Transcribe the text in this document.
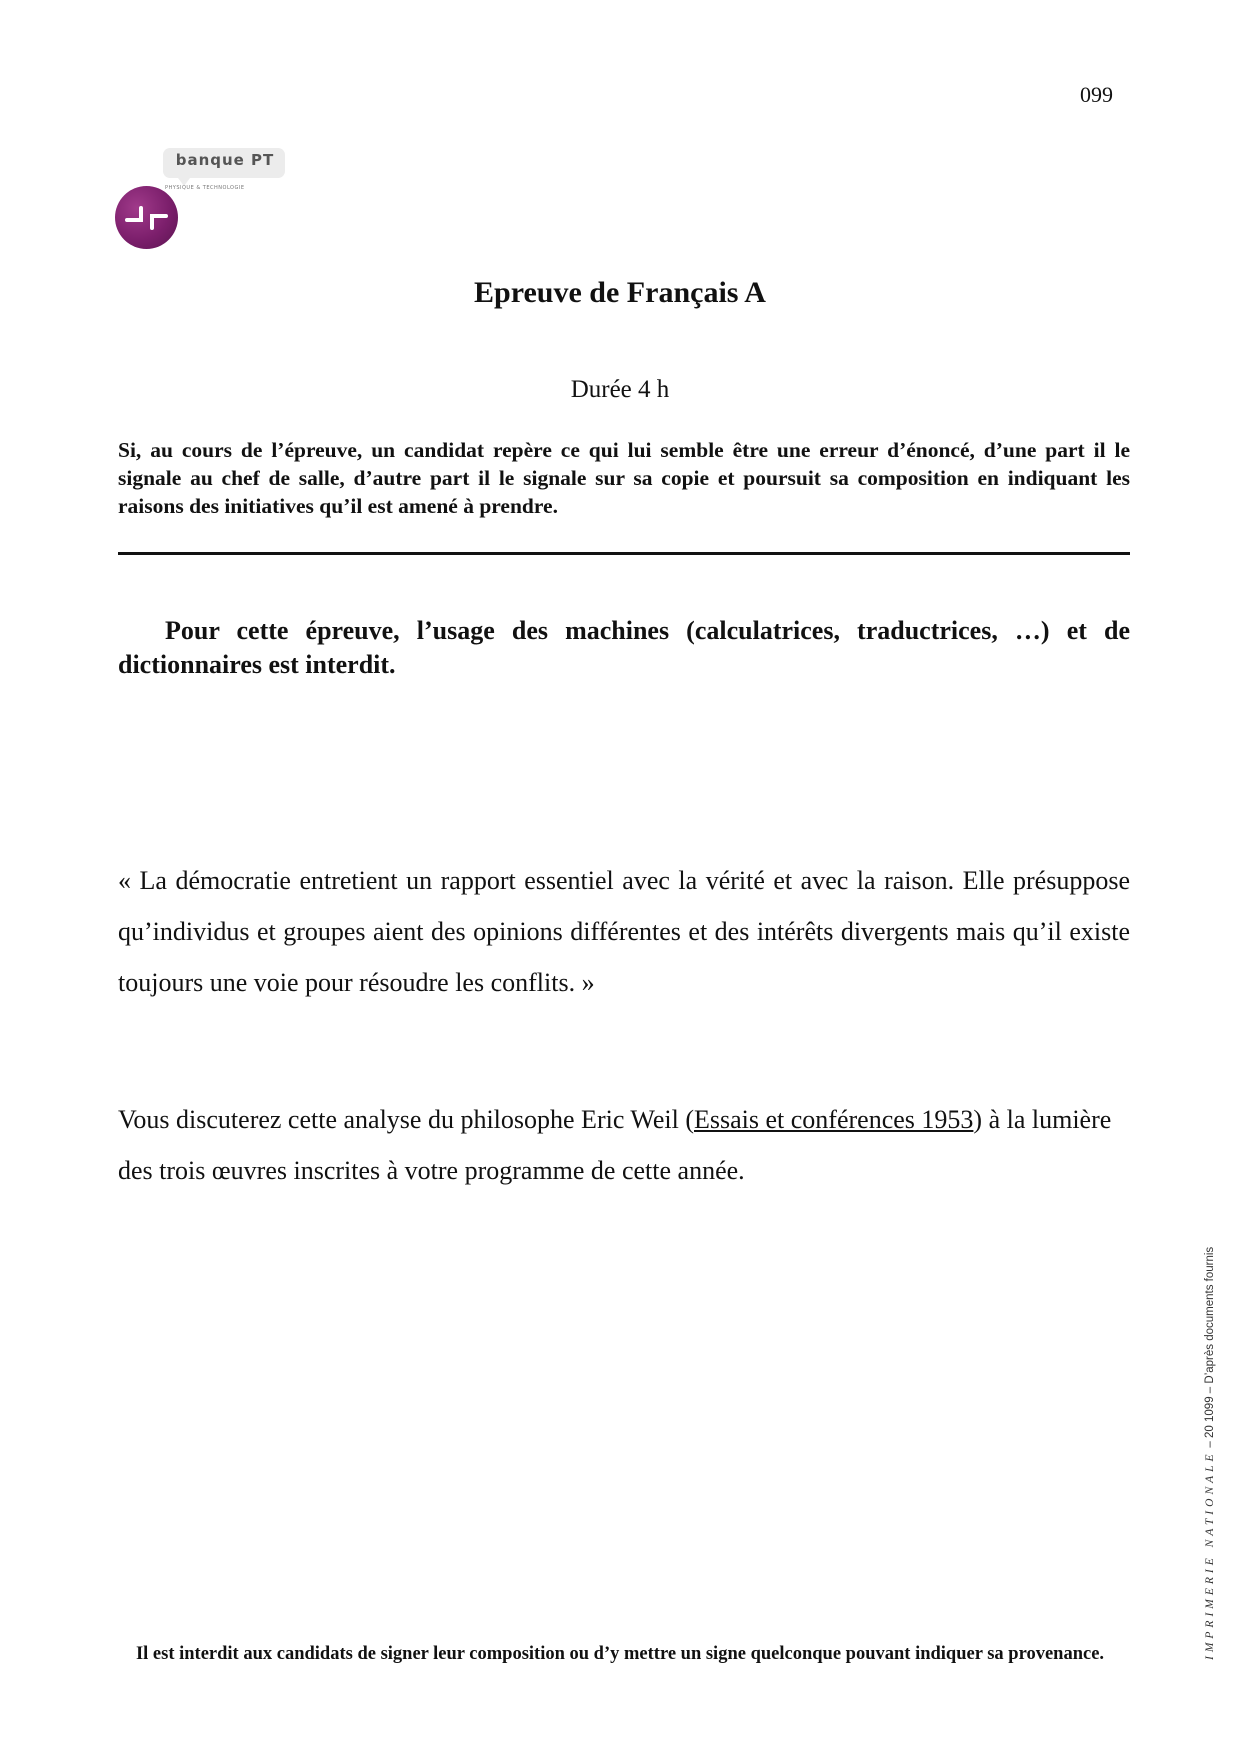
099
banque PT
PHYSIQUE & TECHNOLOGIE
Epreuve de Français A
Durée 4 h
Si, au cours de l’épreuve, un candidat repère ce qui lui semble être une erreur d’énoncé, d’une part il le signale au chef de salle, d’autre part il le signale sur sa copie et poursuit sa composition en indiquant les raisons des initiatives qu’il est amené à prendre.
Pour cette épreuve, l’usage des machines (calculatrices, traductrices, …) et de dictionnaires est interdit.
« La démocratie entretient un rapport essentiel avec la vérité et avec la raison. Elle présuppose qu’individus et groupes aient des opinions différentes et des intérêts divergents mais qu’il existe toujours une voie pour résoudre les conflits. »
Vous discuterez cette analyse du philosophe Eric Weil (Essais et conférences 1953) à la lumière des trois œuvres inscrites à votre programme de cette année.
Il est interdit aux candidats de signer leur composition ou d’y mettre un signe quelconque pouvant indiquer sa provenance.	IMPRIMERIE NATIONALE – 20 1099 – D’après documents fournis
